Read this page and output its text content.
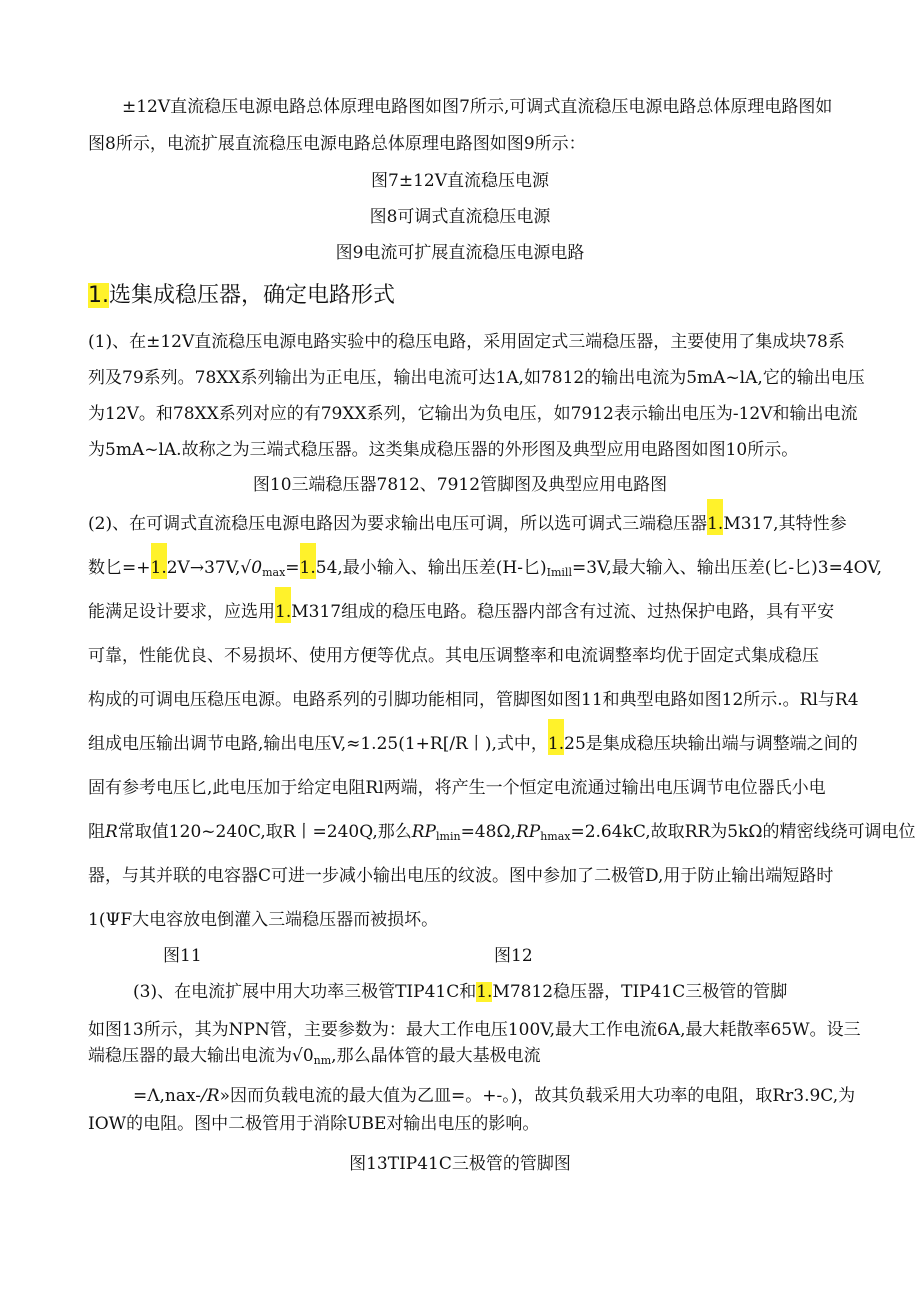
±12V直流稳压电源电路总体原理电路图如图7所示,可调式直流稳压电源电路总体原理电路图如
图8所示，电流扩展直流稳压电源电路总体原理电路图如图9所示：
图7±12V直流稳压电源
图8可调式直流稳压电源
图9电流可扩展直流稳压电源电路
1.选集成稳压器，确定电路形式
(1)、在±12V直流稳压电源电路实验中的稳压电路，采用固定式三端稳压器，主要使用了集成块78系
列及79系列。78XX系列输出为正电压，输出电流可达1A,如7812的输出电流为5mA~lA,它的输出电压
为12V。和78XX系列对应的有79XX系列，它输出为负电压，如7912表示输出电压为-12V和输出电流
为5mA~lA.故称之为三端式稳压器。这类集成稳压器的外形图及典型应用电路图如图10所示。
图10三端稳压器7812、7912管脚图及典型应用电路图
(2)、在可调式直流稳压电源电路因为要求输出电压可调，所以选可调式三端稳压器1.M317,其特性参
数匕$=+1.2V\to 37V,√0_{max}=1.54$,最小输入、输出压差(H-匕)$_{Imill}=3V$,最大输入、输出压差(匕-匕)3=4OV,
能满足设计要求，应选用1.M317组成的稳压电路。稳压器内部含有过流、过热保护电路，具有平安
可靠，性能优良、不易损坏、使用方便等优点。其电压调整率和电流调整率均优于固定式集成稳压
构成的可调电压稳压电源。电路系列的引脚功能相同，管脚图如图11和典型电路如图12所示.。Rl与R4
组成电压输出调节电路,输出电压V,≈1.25(1+R[/R丨),式中，1.25是集成稳压块输出端与调整端之间的
固有参考电压匕,此电压加于给定电阻Rl两端，将产生一个恒定电流通过输出电压调节电位器氏小电
阻R常取值120~240C,取R丨=240Q,那么$RP_{lmin}=48\Omega,RP_{hmax}=2.64kC$,故取RR为5kΩ的精密线绕可调电位
器，与其并联的电容器C可进一步减小输出电压的纹波。图中参加了二极管D,用于防止输出端短路时
1(ΨF大电容放电倒灌入三端稳压器而被损坏。
图11	图12
(3)、在电流扩展中用大功率三极管TIP41C和1.M7812稳压器，TIP41C三极管的管脚
如图13所示，其为NPN管，主要参数为：最大工作电压100V,最大工作电流6A,最大耗散率65W。设三
端稳压器的最大输出电流为$√0_{nm}$,那么晶体管的最大基极电流
=Λ,nax-/R»因而负载电流的最大值为乙皿=。+-。)，故其负载采用大功率的电阻，取Rr3.9C,为
IOW的电阻。图中二极管用于消除UBE对输出电压的影响。
图13TIP41C三极管的管脚图
